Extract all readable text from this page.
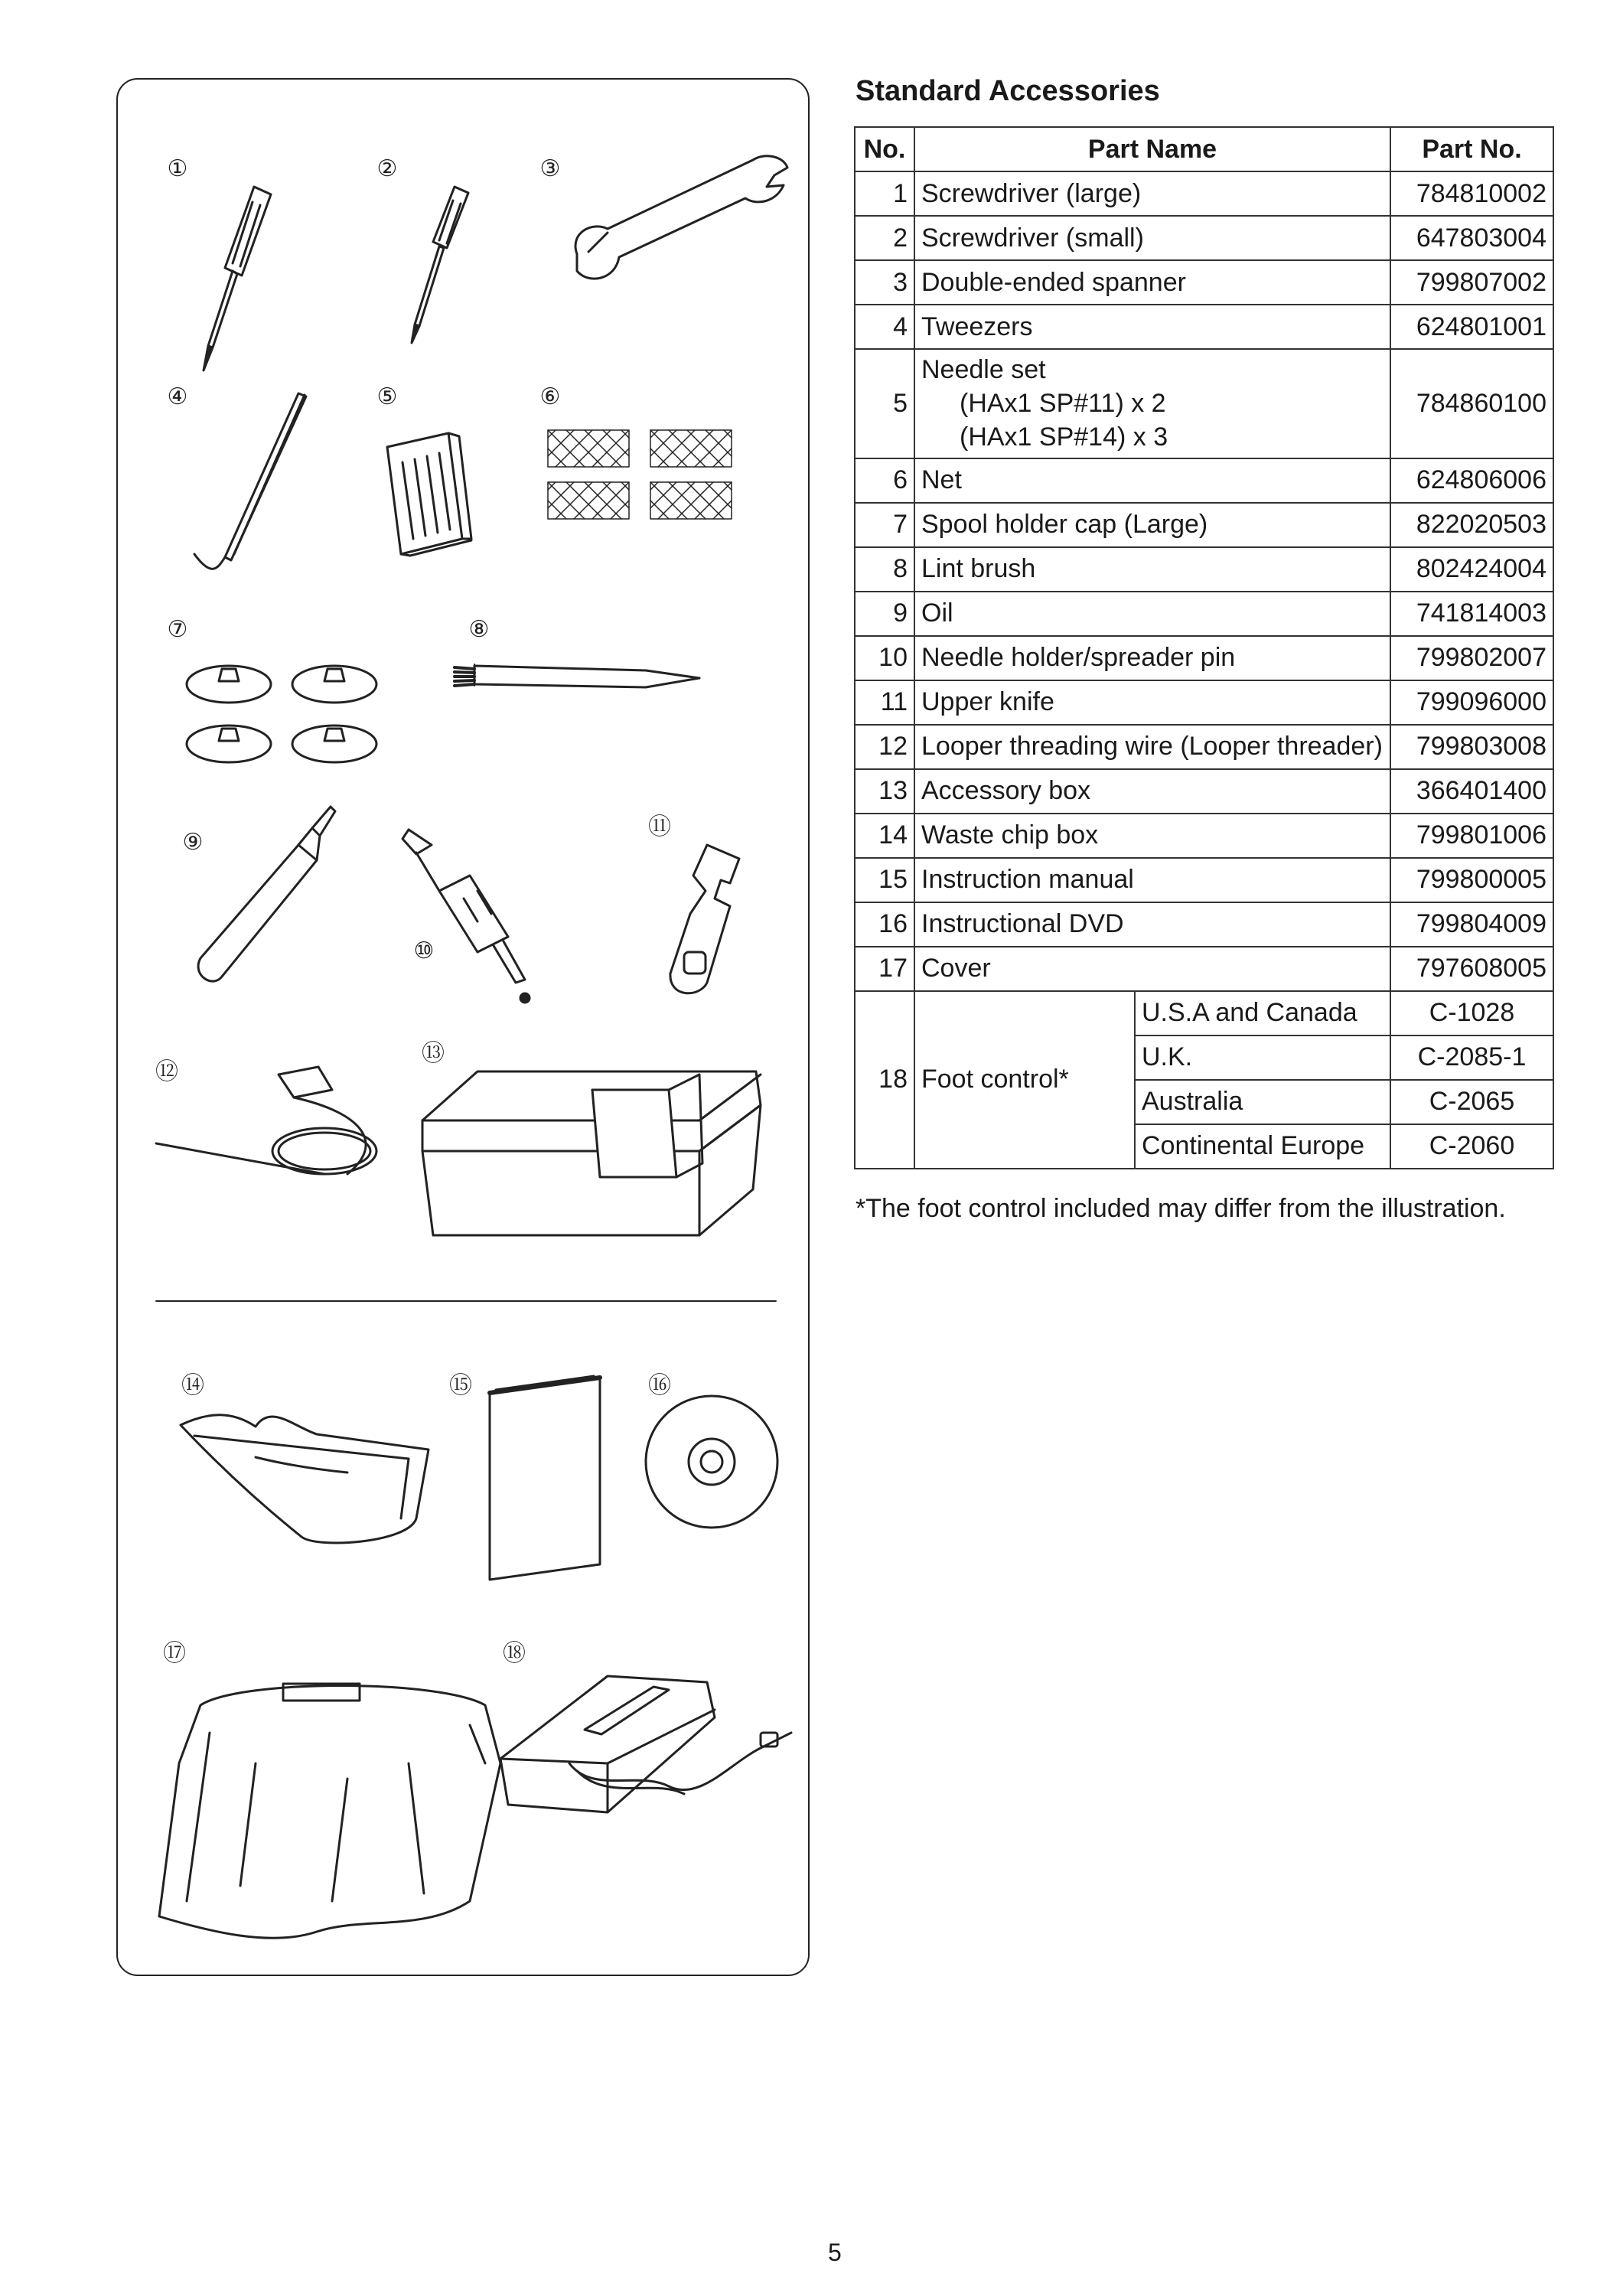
①	②	③
④	⑤	⑥
⑦	⑧
⑨
⑩
⑪
⑫
⑬
⑭	⑮	⑯
⑰	⑱
Standard Accessories
No.	Part Name		Part No.
1	Screwdriver (large)		784810002
2	Screwdriver (small)		647803004
3	Double-ended spanner		799807002
4	Tweezers		624801001
5	Needle set
(HAx1 SP#11) x 2
(HAx1 SP#14) x 3		784860100
6	Net		624806006
7	Spool holder cap (Large)		822020503
8	Lint brush		802424004
9	Oil		741814003
10	Needle holder/spreader pin		799802007
11	Upper knife		799096000
12	Looper threading wire (Looper threader)		799803008
13	Accessory box		366401400
14	Waste chip box		799801006
15	Instruction manual		799800005
16	Instructional DVD		799804009
17	Cover		797608005
18	Foot control*	U.S.A and Canada	C-1028
		U.K.	C-2085-1
		Australia	C-2065
		Continental Europe	C-2060
*The foot control included may differ from the illustration.
5
